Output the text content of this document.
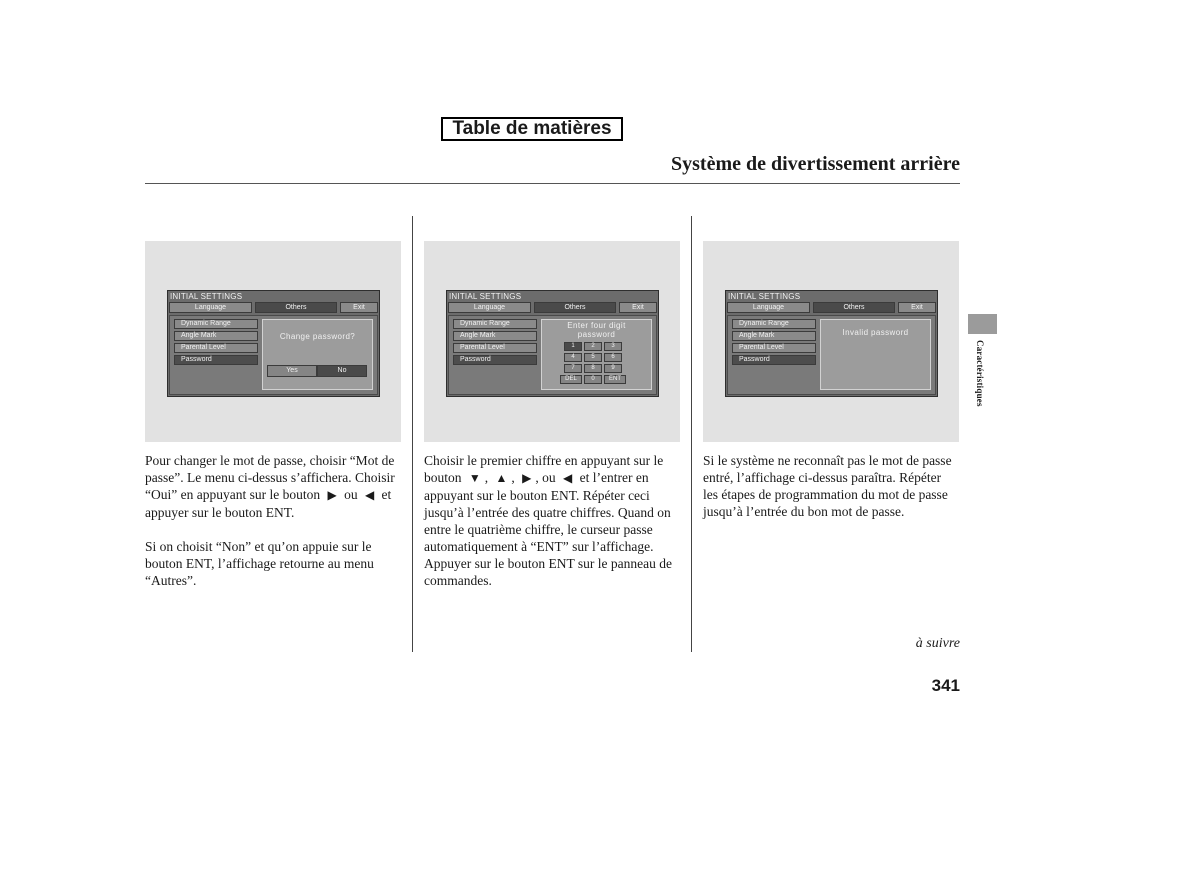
Table de matières
Système de divertissement arrière
INITIAL SETTINGS
Language	Others	Exit
Dynamic Range
Angle Mark
Parental Level
Password
Change password?
Yes	No
INITIAL SETTINGS
Language	Others	Exit
Dynamic Range
Angle Mark
Parental Level
Password
Enter four digit
password
1	2	3
4	5	6
7	8	9
DEL	0	ENT
INITIAL SETTINGS
Language	Others	Exit
Dynamic Range
Angle Mark
Parental Level
Password
Invalid password

Pour changer le mot de passe, choisir “Mot de passe”. Le menu ci-dessus s’affichera. Choisir “Oui” en appuyant sur le bouton ▶ ou ◀ et appuyer sur le bouton ENT.

Si on choisit “Non” et qu’on appuie sur le bouton ENT, l’affichage retourne au menu “Autres”.

Choisir le premier chiffre en appuyant sur le bouton ▼ , ▲ , ▶ , ou ◀ et l’entrer en appuyant sur le bouton ENT. Répéter ceci jusqu’à l’entrée des quatre chiffres. Quand on entre le quatrième chiffre, le curseur passe automatiquement à “ENT” sur l’affichage. Appuyer sur le bouton ENT sur le panneau de commandes.

Si le système ne reconnaît pas le mot de passe entré, l’affichage ci-dessus paraîtra. Répéter les étapes de programmation du mot de passe jusqu’à l’entrée du bon mot de passe.

à suivre
341
Caractéristiques
